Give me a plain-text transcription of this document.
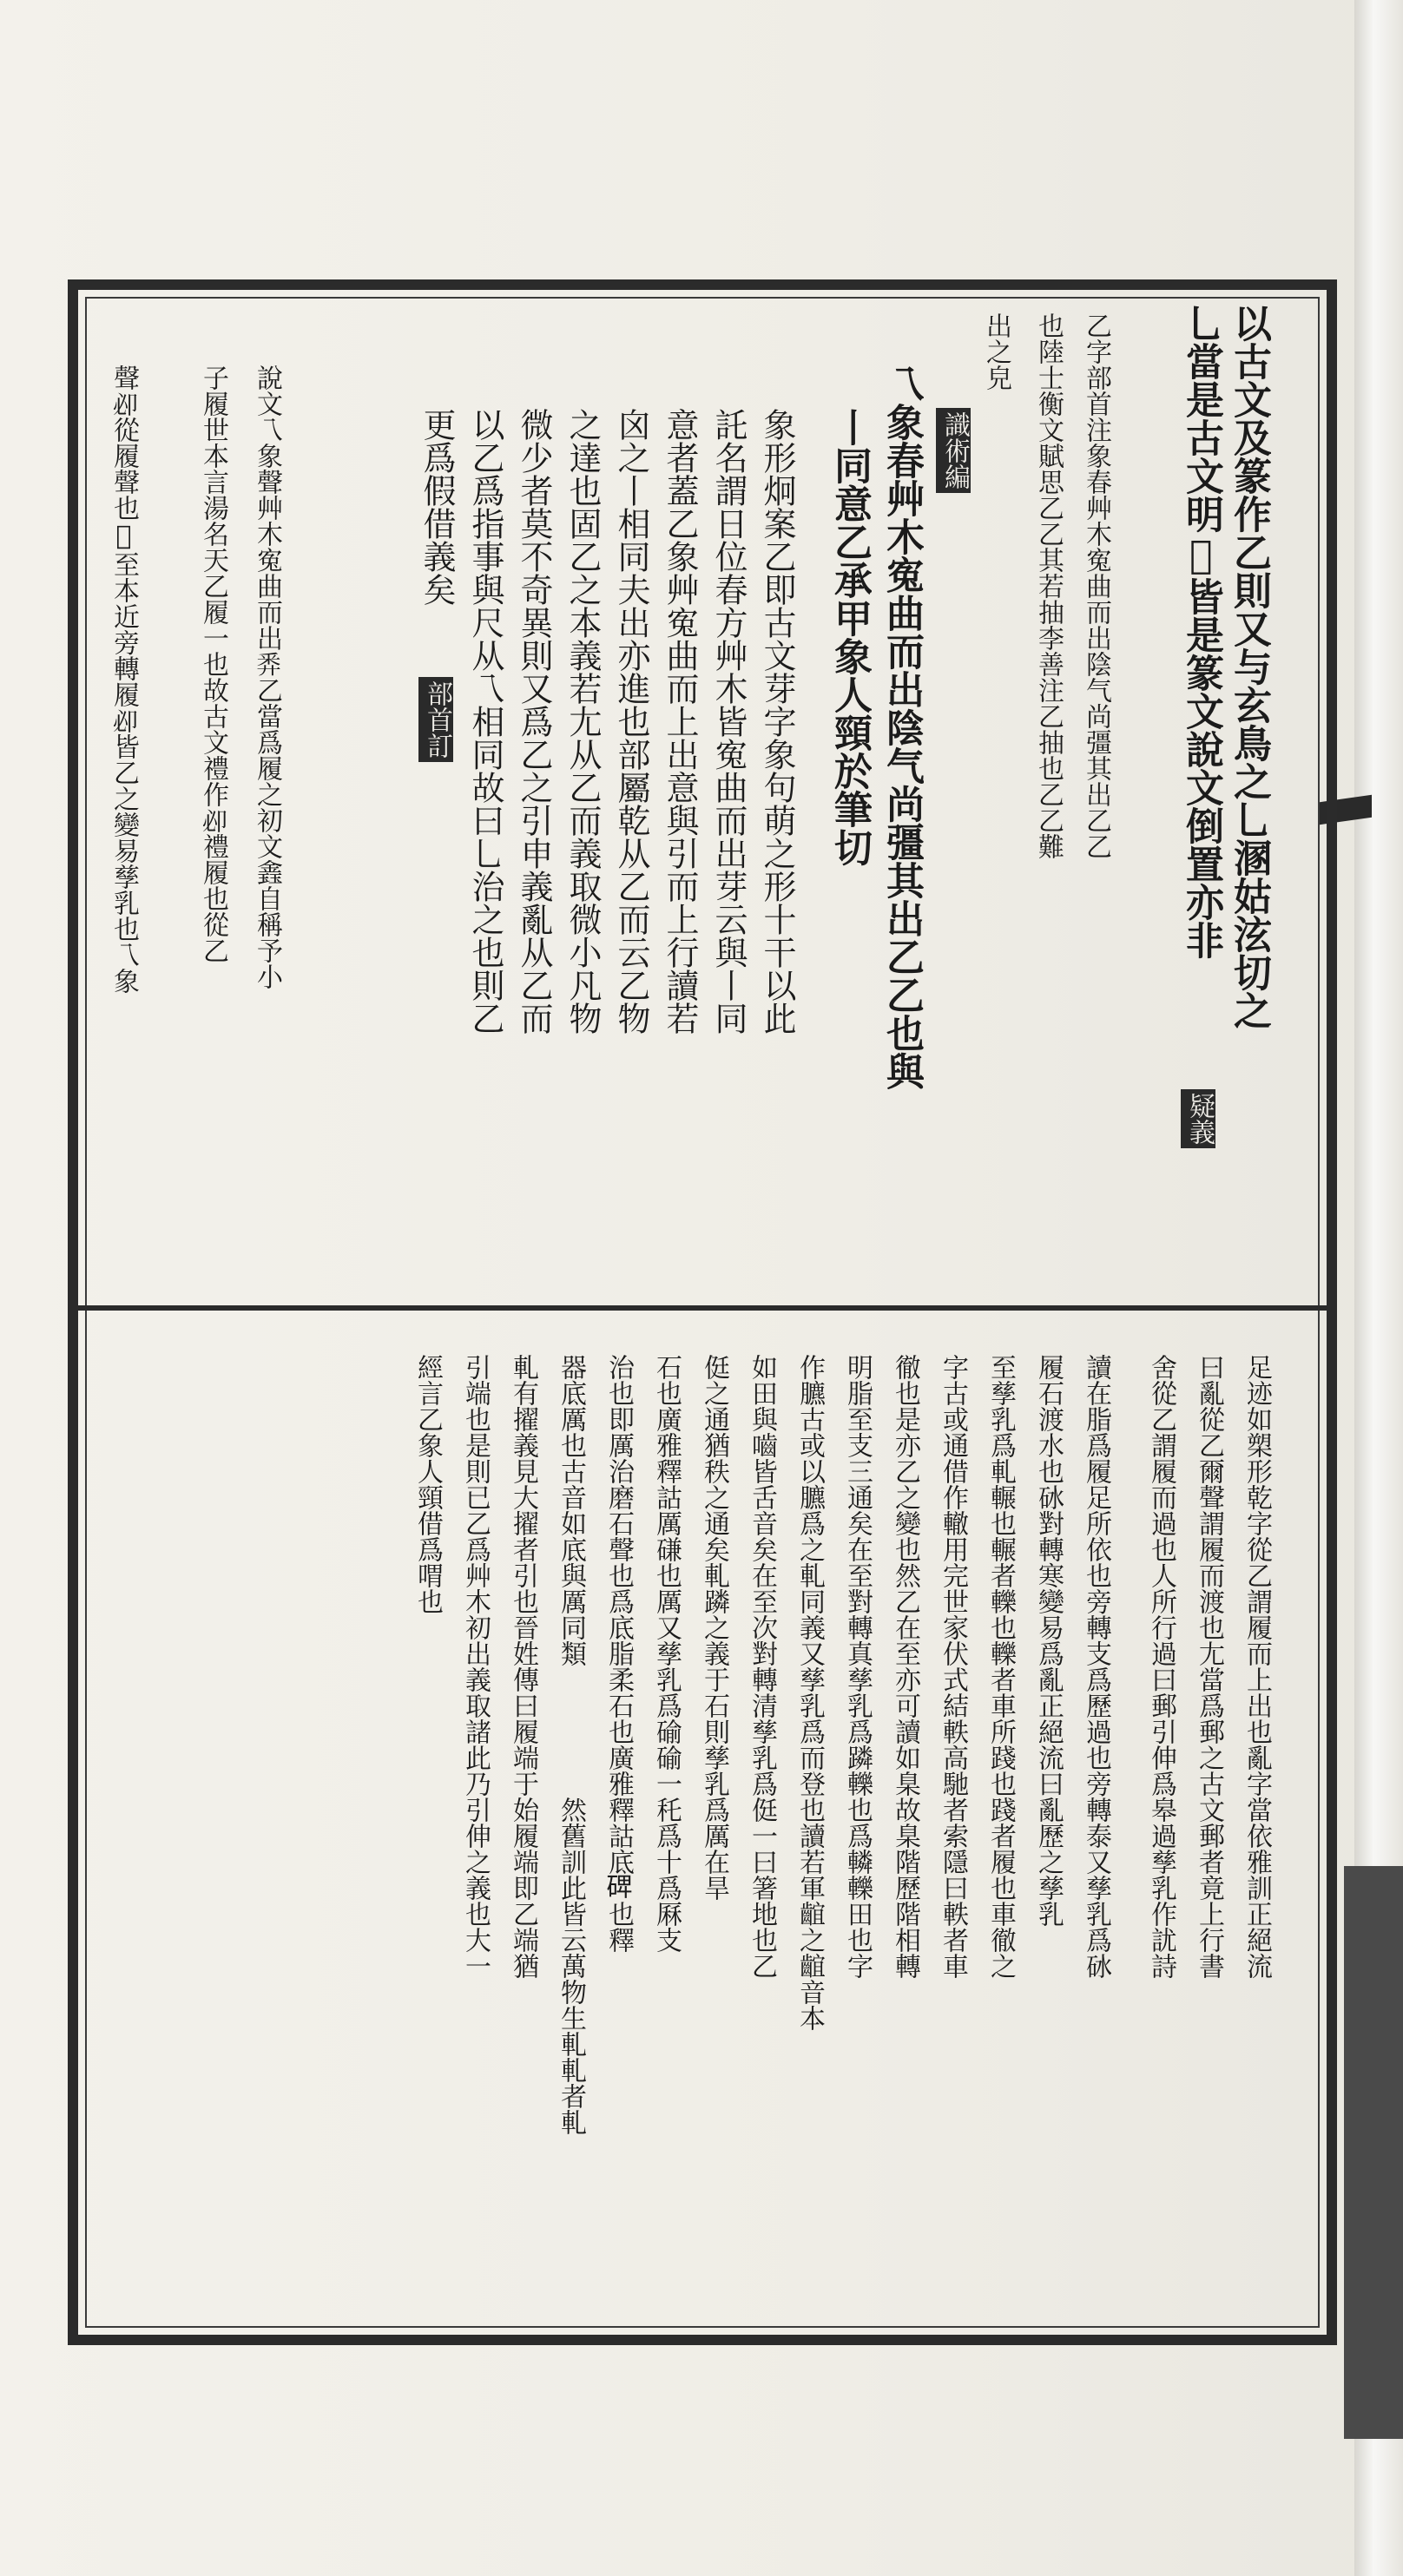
以古文及篆作乙則又与玄鳥之乚溷姑泫切之
乚當是古文明𣆪皆是篆文說文倒置亦非
疑義
乙字部首注象春艸木寃曲而出陰气尚彊其出乙乙
也陸士衡文賦思乙乙其若抽李善注乙抽也乙乙難
出之皃
識術編
乁象春艸木寃曲而出陰气尚彊其出乙乙也與
丨同意乙承甲象人頸於筆切
象形炯案乙即古文芽字象句萌之形十干以此
託名謂日位春方艸木皆寃曲而出芽云與丨同
意者蓋乙象艸寃曲而上出意與引而上行讀若
囟之丨相同夫出亦進也部屬乾从乙而云乙物
之達也固乙之本義若尢从乙而義取微小凡物
微少者莫不奇異則又爲乙之引申義亂从乙而
以乙爲指事與尺从乁相同故曰乚治之也則乙
更爲假借義矣
部首訂
說文乁象聲艸木寃曲而出𢍏乙當爲履之初文𨫎自稱予小
子履世本言湯名天乙履一也故古文禮作𠨘禮履也從乙
聲𠨘從履聲也𥈌至本近旁轉履𠨘皆乙之變易孳乳也乁象
足迹如槊形乾字從乙謂履而上出也亂字當依雅訓正絕流
曰亂從乙爾聲謂履而渡也尢當爲郵之古文郵者竟上行書
舍從乙謂履而過也人所行過曰郵引伸爲皋過孳乳作訧詩
讀在脂爲履足所依也旁轉支爲歷過也旁轉泰又孳乳爲砅
履石渡水也砅對轉寒變易爲亂正絕流曰亂歷之孳乳
至孳乳爲軋輾也輾者轢也轢者車所踐也踐者履也車徹之
字古或通借作轍用完世家伏式結軼高馳者索隱曰軼者車
徹也是亦乙之變也然乙在至亦可讀如臬故臬階歷階相轉
明脂至支三通矣在至對轉真孳乳爲蹸轢也爲轔轢田也字
作臕古或以臕爲之軋同義又孳乳爲而登也讀若軍𪘲之𪘲音本
如田與嚙皆舌音矣在至次對轉清孳乳爲侹一曰箸地也乙
侹之通猶秩之通矣軋蹸之義于石則孳乳爲厲在旱
石也廣雅釋詁厲磏也厲又孳乳爲䃋䃋一秅爲十爲厤支
治也即厲治磨石聲也爲底脂柔石也廣雅釋詁底𥓓也釋
器底厲也古音如底與厲同類
然舊訓此皆云萬物生軋軋者軋
軋有擢義見大擢者引也晉姓傳曰履端于始履端即乙端猶
引端也是則已乙爲艸木初出義取諸此乃引伸之義也大一
經言乙象人頸借爲喟也
